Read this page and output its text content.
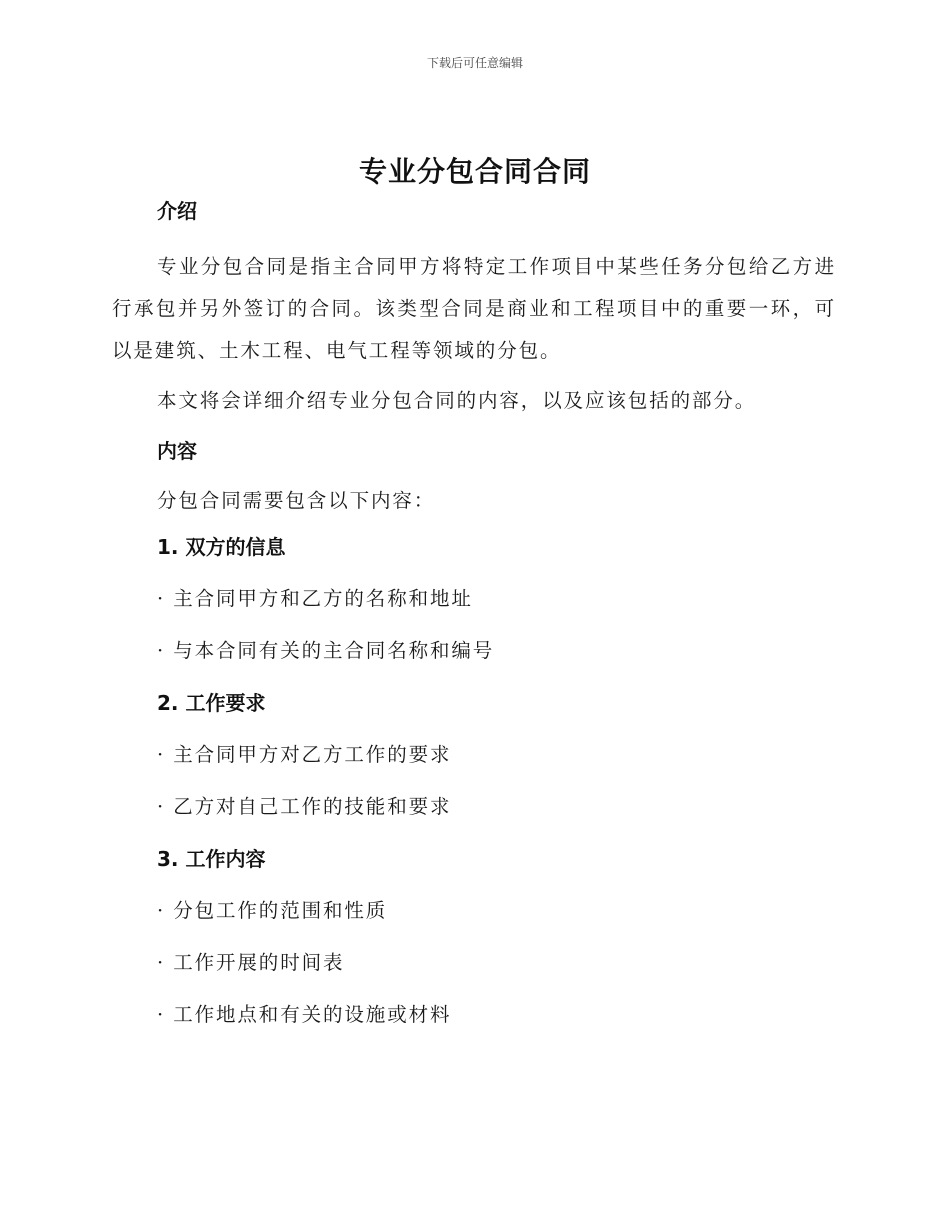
下载后可任意编辑
专业分包合同合同

介绍

专业分包合同是指主合同甲方将特定工作项目中某些任务分包给乙方进行承包并另外签订的合同。该类型合同是商业和工程项目中的重要一环，可以是建筑、土木工程、电气工程等领域的分包。

本文将会详细介绍专业分包合同的内容，以及应该包括的部分。

内容

分包合同需要包含以下内容：

1. 双方的信息

· 主合同甲方和乙方的名称和地址

· 与本合同有关的主合同名称和编号

2. 工作要求

· 主合同甲方对乙方工作的要求

· 乙方对自己工作的技能和要求

3. 工作内容

· 分包工作的范围和性质

· 工作开展的时间表

· 工作地点和有关的设施或材料
